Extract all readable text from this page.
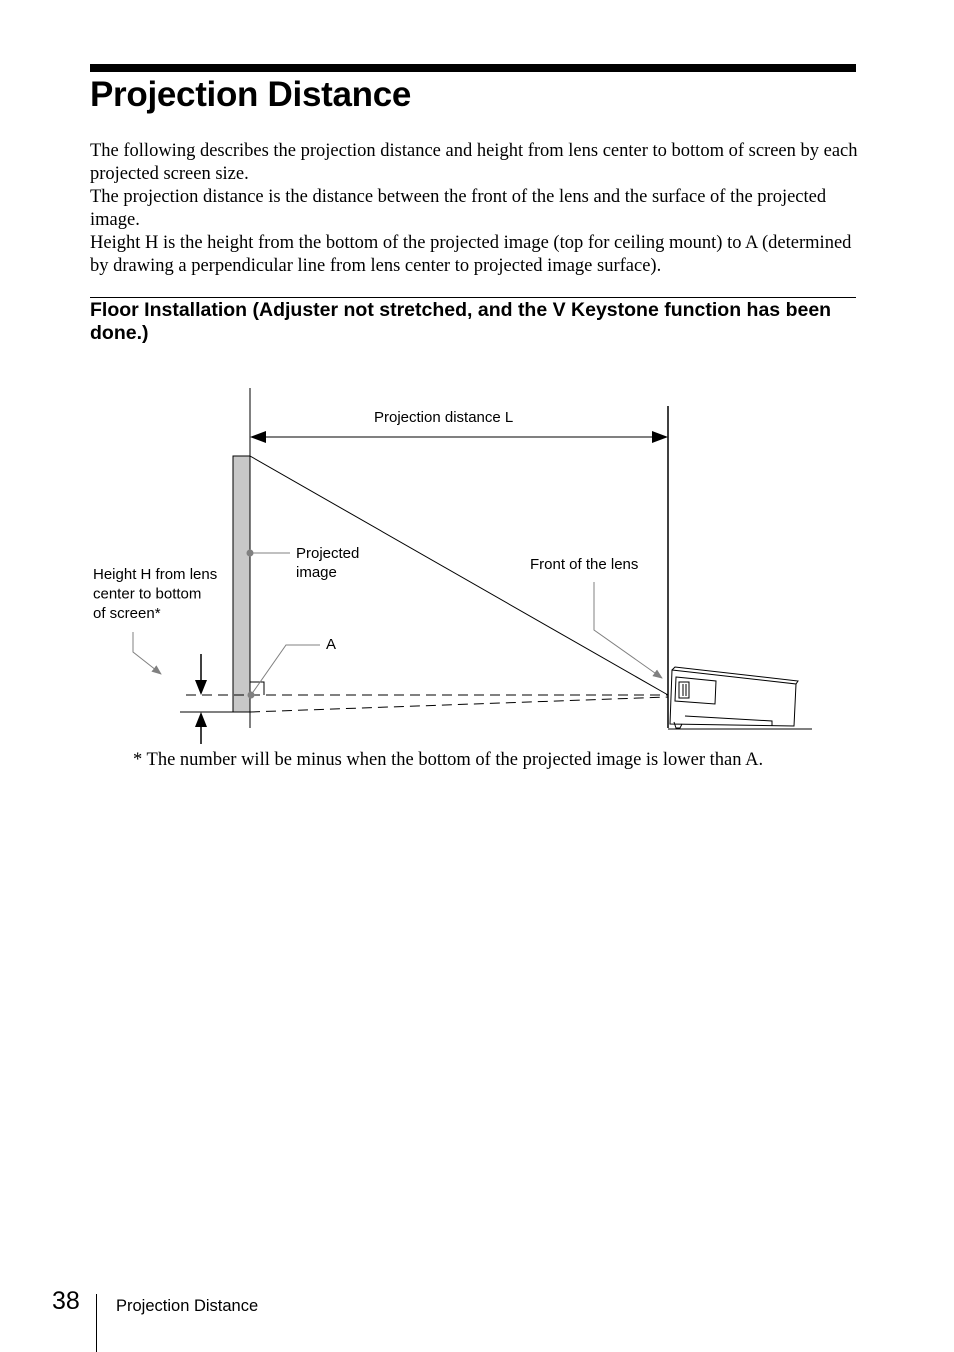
Projection Distance

The following describes the projection distance and height from lens center to bottom of screen by each projected screen size.

The projection distance is the distance between the front of the lens and the surface of the projected image.

Height H is the height from the bottom of the projected image (top for ceiling mount) to A (determined by drawing a perpendicular line from lens center to projected image surface).

Floor Installation (Adjuster not stretched, and the V Keystone function has been done.)
Projection distance L
Projected image
A
Front of the lens
Height H from lens center to bottom of screen*

* The number will be minus when the bottom of the projected image is lower than A.

38 Projection Distance
